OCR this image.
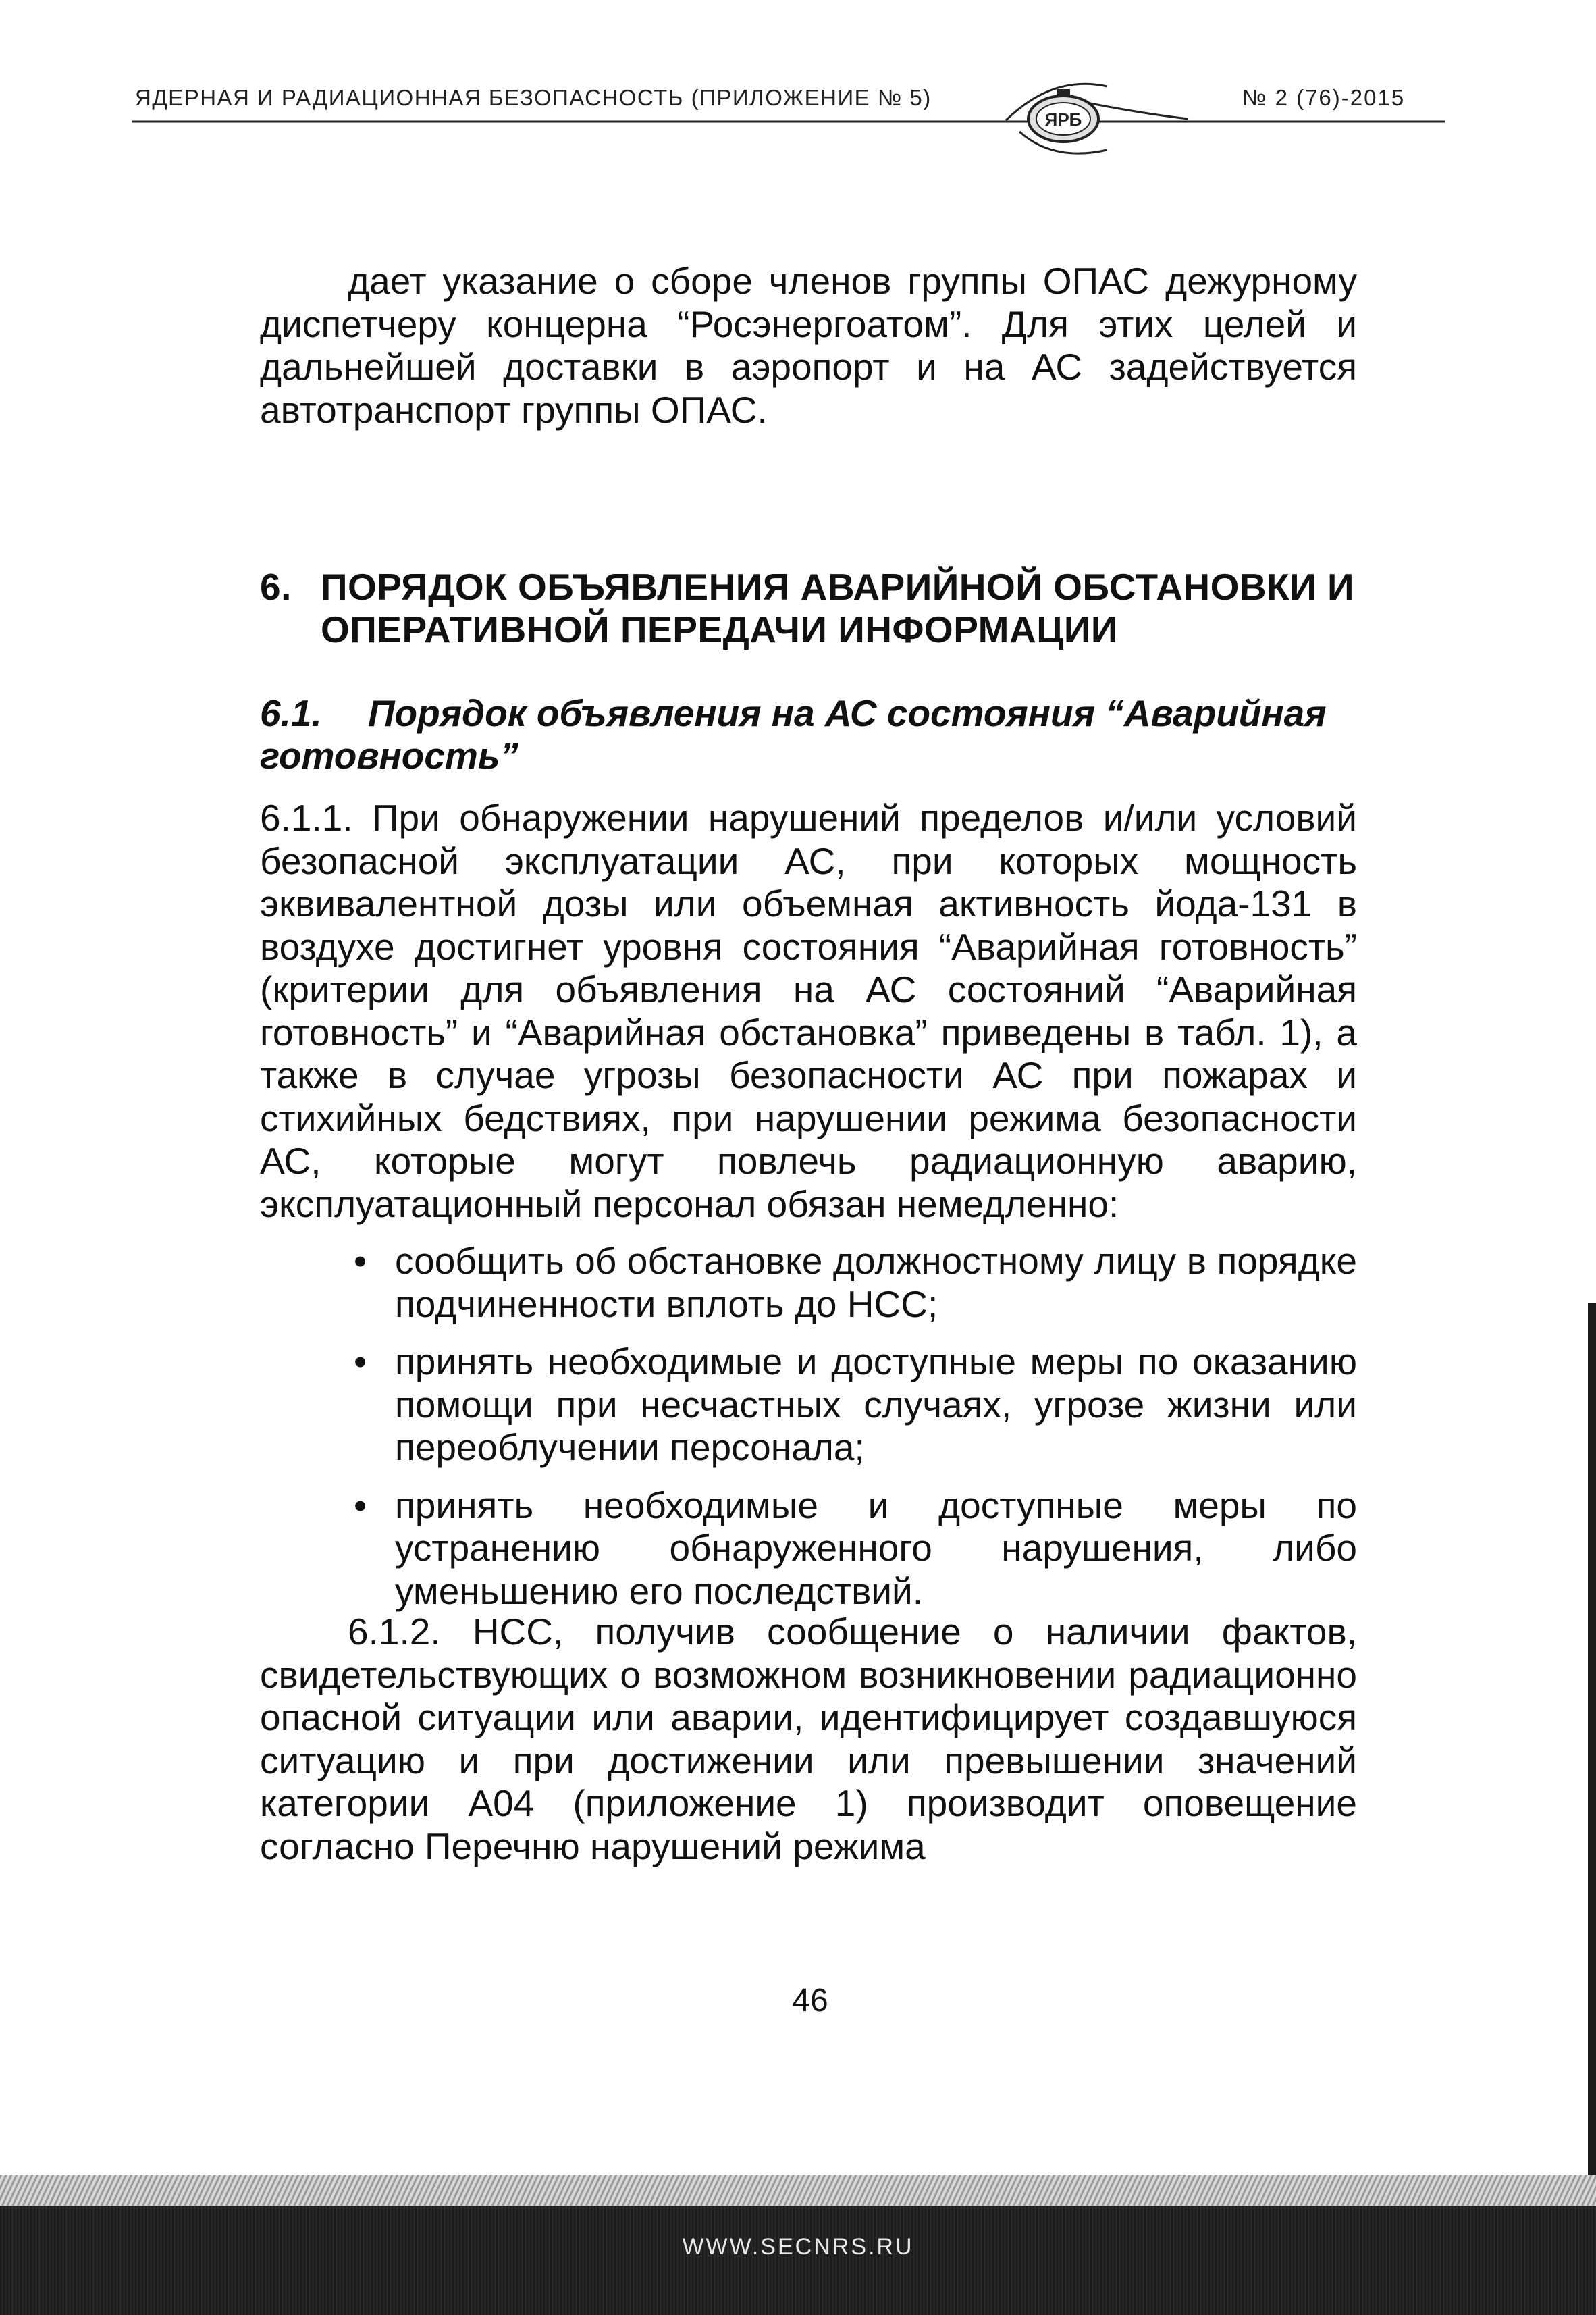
ЯДЕРНАЯ И РАДИАЦИОННАЯ БЕЗОПАСНОСТЬ (ПРИЛОЖЕНИЕ № 5)	№ 2 (76)-2015
ЯРБ

дает указание о сборе членов группы ОПАС дежурному диспетчеру концерна “Росэнергоатом”. Для этих целей и дальнейшей доставки в аэропорт и на АС задействуется автотранспорт группы ОПАС.

6. ПОРЯДОК ОБЪЯВЛЕНИЯ АВАРИЙНОЙ ОБСТАНОВКИ И ОПЕРАТИВНОЙ ПЕРЕДАЧИ ИНФОРМАЦИИ
6.1. Порядок объявления на АС состояния “Аварийная готовность”

6.1.1. При обнаружении нарушений пределов и/или условий безопасной эксплуатации АС, при которых мощность эквивалентной дозы или объемная активность йода-131 в воздухе достигнет уровня состояния “Аварийная готовность” (критерии для объявления на АС состояний “Аварийная готовность” и “Аварийная обстановка” приведены в табл. 1), а также в случае угрозы безопасности АС при пожарах и стихийных бедствиях, при нарушении режима безопасности АС, которые могут повлечь радиационную аварию, эксплуатационный персонал обязан немедленно:

• сообщить об обстановке должностному лицу в порядке подчиненности вплоть до НСС;
• принять необходимые и доступные меры по оказанию помощи при несчастных случаях, угрозе жизни или переоблучении персонала;
• принять необходимые и доступные меры по устранению обнаруженного нарушения, либо уменьшению его последствий.

6.1.2. НСС, получив сообщение о наличии фактов, свидетельствующих о возможном возникновении радиационно опасной ситуации или аварии, идентифицирует создавшуюся ситуацию и при достижении или превышении значений категории А04 (приложение 1) производит оповещение согласно Перечню нарушений режима

46
WWW.SECNRS.RU
